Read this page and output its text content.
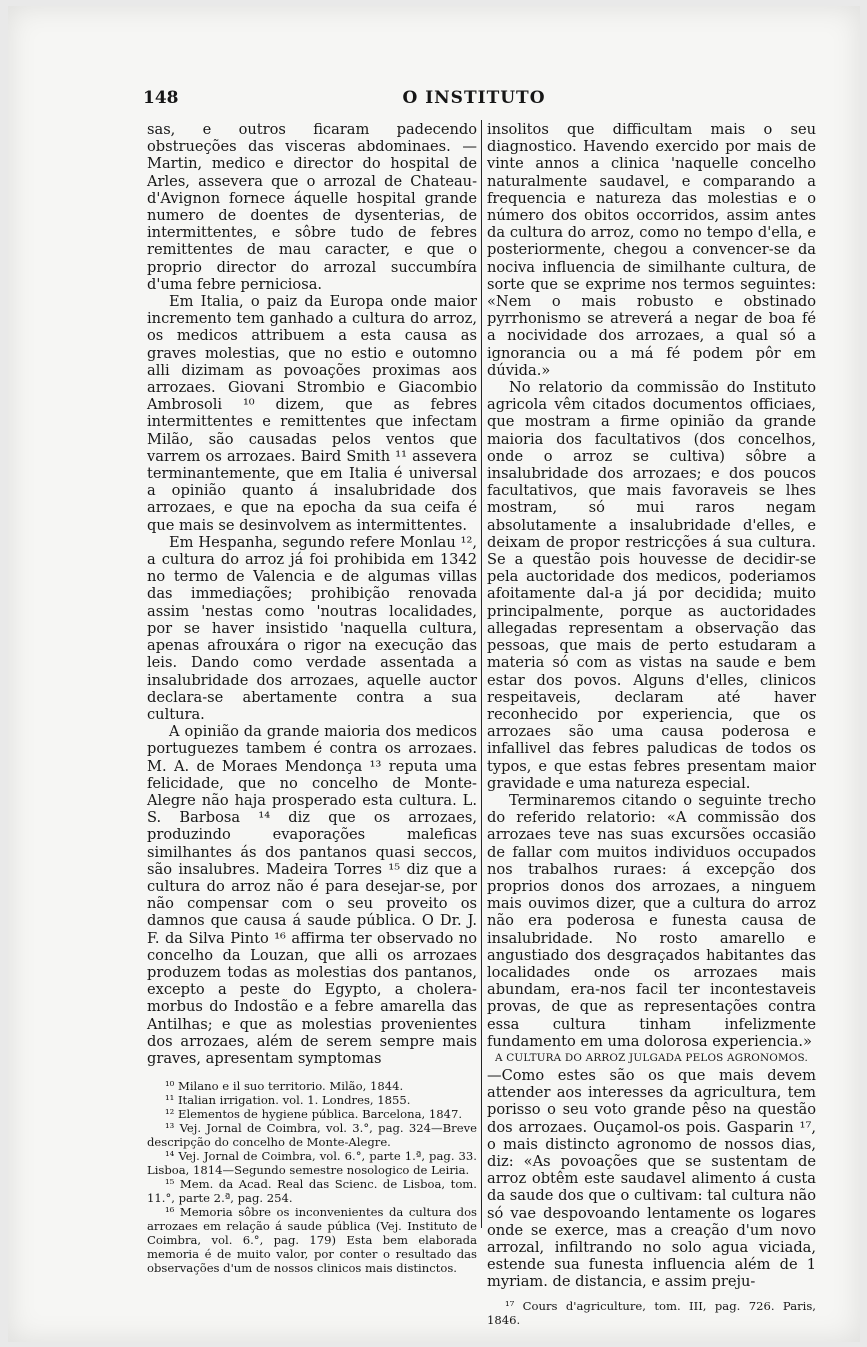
148	O INSTITUTO

sas, e outros ficaram padecendo obstrueções das visceras abdominaes. — Martin, medico e director do hospital de Arles, assevera que o arrozal de Chateau-d'Avignon fornece áquelle hospital grande numero de doentes de dysenterias, de intermittentes, e sôbre tudo de febres remittentes de mau caracter, e que o proprio director do arrozal succumbíra d'uma febre perniciosa.

Em Italia, o paiz da Europa onde maior incremento tem ganhado a cultura do arroz, os medicos attribuem a esta causa as graves molestias, que no estio e outomno alli dizimam as povoações proximas aos arrozaes. Giovani Strombio e Giacombio Ambrosoli ¹⁰ dizem, que as febres intermittentes e remittentes que infectam Milão, são causadas pelos ventos que varrem os arrozaes. Baird Smith ¹¹ assevera terminantemente, que em Italia é universal a opinião quanto á insalubridade dos arrozaes, e que na epocha da sua ceifa é que mais se desinvolvem as intermittentes.

Em Hespanha, segundo refere Monlau ¹², a cultura do arroz já foi prohibida em 1342 no termo de Valencia e de algumas villas das immediações; prohibição renovada assim 'nestas como 'noutras localidades, por se haver insistido 'naquella cultura, apenas afrouxára o rigor na execução das leis. Dando como verdade assentada a insalubridade dos arrozaes, aquelle auctor declara-se abertamente contra a sua cultura.

A opinião da grande maioria dos medicos portuguezes tambem é contra os arrozaes. M. A. de Moraes Mendonça ¹³ reputa uma felicidade, que no concelho de Monte-Alegre não haja prosperado esta cultura. L. S. Barbosa ¹⁴ diz que os arrozaes, produzindo evaporações maleficas similhantes ás dos pantanos quasi seccos, são insalubres. Madeira Torres ¹⁵ diz que a cultura do arroz não é para desejar-se, por não compensar com o seu proveito os damnos que causa á saude pública. O Dr. J. F. da Silva Pinto ¹⁶ affirma ter observado no concelho da Louzan, que alli os arrozaes produzem todas as molestias dos pantanos, excepto a peste do Egypto, a cholera-morbus do Indostão e a febre amarella das Antilhas; e que as molestias provenientes dos arrozaes, além de serem sempre mais graves, apresentam symptomas

¹⁰ Milano e il suo territorio. Milão, 1844.
¹¹ Italian irrigation. vol. 1. Londres, 1855.
¹² Elementos de hygiene pública. Barcelona, 1847.
¹³ Vej. Jornal de Coimbra, vol. 3.°, pag. 324—Breve descripção do concelho de Monte-Alegre.
¹⁴ Vej. Jornal de Coimbra, vol. 6.°, parte 1.ª, pag. 33. Lisboa, 1814—Segundo semestre nosologico de Leiria.
¹⁵ Mem. da Acad. Real das Scienc. de Lisboa, tom. 11.°, parte 2.ª, pag. 254.
¹⁶ Memoria sôbre os inconvenientes da cultura dos arrozaes em relação á saude pública (Vej. Instituto de Coimbra, vol. 6.°, pag. 179) Esta bem elaborada memoria é de muito valor, por conter o resultado das observações d'um de nossos clinicos mais distinctos.

insolitos que difficultam mais o seu diagnostico. Havendo exercido por mais de vinte annos a clinica 'naquelle concelho naturalmente saudavel, e comparando a frequencia e natureza das molestias e o número dos obitos occorridos, assim antes da cultura do arroz, como no tempo d'ella, e posteriormente, chegou a convencer-se da nociva influencia de similhante cultura, de sorte que se exprime nos termos seguintes: «Nem o mais robusto e obstinado pyrrhonismo se atreverá a negar de boa fé a nocividade dos arrozaes, a qual só a ignorancia ou a má fé podem pôr em dúvida.»

No relatorio da commissão do Instituto agricola vêm citados documentos officiaes, que mostram a firme opinião da grande maioria dos facultativos (dos concelhos, onde o arroz se cultiva) sôbre a insalubridade dos arrozaes; e dos poucos facultativos, que mais favoraveis se lhes mostram, só mui raros negam absolutamente a insalubridade d'elles, e deixam de propor restricções á sua cultura. Se a questão pois houvesse de decidir-se pela auctoridade dos medicos, poderiamos afoitamente dal-a já por decidida; muito principalmente, porque as auctoridades allegadas representam a observação das pessoas, que mais de perto estudaram a materia só com as vistas na saude e bem estar dos povos. Alguns d'elles, clinicos respeitaveis, declaram até haver reconhecido por experiencia, que os arrozaes são uma causa poderosa e infallivel das febres paludicas de todos os typos, e que estas febres presentam maior gravidade e uma natureza especial.

Terminaremos citando o seguinte trecho do referido relatorio: «A commissão dos arrozaes teve nas suas excursões occasião de fallar com muitos individuos occupados nos trabalhos ruraes: á excepção dos proprios donos dos arrozaes, a ninguem mais ouvimos dizer, que a cultura do arroz não era poderosa e funesta causa de insalubridade. No rosto amarello e angustiado dos desgraçados habitantes das localidades onde os arrozaes mais abundam, era-nos facil ter incontestaveis provas, de que as representações contra essa cultura tinham infelizmente fundamento em uma dolorosa experiencia.»

A CULTURA DO ARROZ JULGADA PELOS AGRONOMOS.

—Como estes são os que mais devem attender aos interesses da agricultura, tem porisso o seu voto grande pêso na questão dos arrozaes. Ouçamol-os pois. Gasparin ¹⁷, o mais distincto agronomo de nossos dias, diz: «As povoações que se sustentam de arroz obtêm este saudavel alimento á custa da saude dos que o cultivam: tal cultura não só vae despovoando lentamente os logares onde se exerce, mas a creação d'um novo arrozal, infiltrando no solo agua viciada, estende sua funesta influencia além de 1 myriam. de distancia, e assim preju-

¹⁷ Cours d'agriculture, tom. III, pag. 726. Paris, 1846.
